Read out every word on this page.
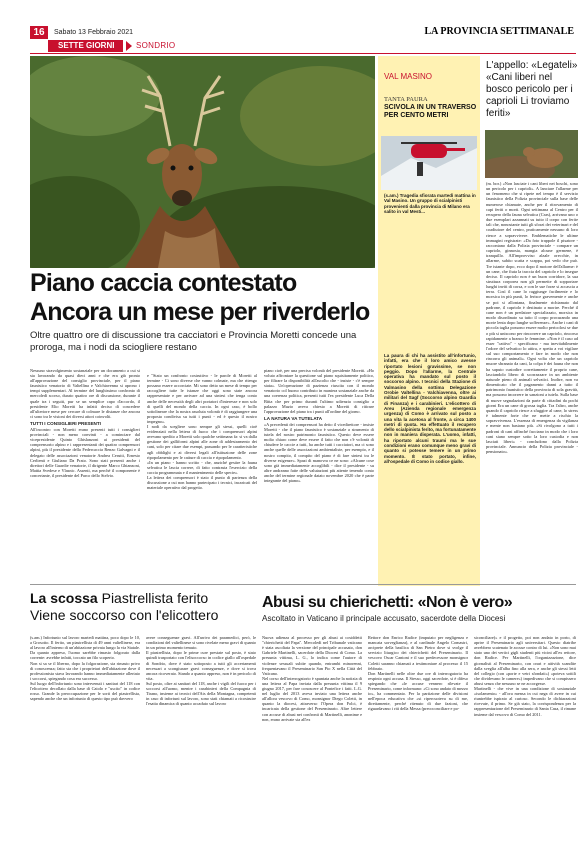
16	Sabato 13 Febbraio 2021	LA PROVINCIA SETTIMANALE
SETTE GIORNI	SONDRIO
VAL MASINO
TANTA PAURA
SCIVOLA IN UN TRAVERSO PER CENTO METRI
(s.am.) Tragedia sfiorata martedì mattina in Val Masino. Un gruppo di scialpinisti provenienti dalla provincia di Milano era salito in val Mesti...
La paura di chi ha assistito all'infortunio, infatti, era che il loro amico avesse riportato lesioni gravissime, se non peggio. Dopo l'allarme, la Centrale operativa ha mandato sul posto il soccorso alpino. I tecnici della Stazione di Valmasino della sottima Delegazione Orobie Valtellina - Valchiavenna, oltre ai militari del Sagf (Soccorso alpino Guardia di Finanza) e i carabinieri. L'elicottero di Areu (Azienda regionale emergenza urgenza) di Como è arrivato sul posto a una vita la acetosa al fronte, a circa 1400 metri di quota. Ha effettuato il recupero dello scialpinista ferito, ma fortunatamente non in maniera disperata. L'uomo, infatti, ha riportato alcuni traumi ma le sue condizioni erano comunque meno gravi di quanto si potesse temere in un primo momento. È stato portato, infine, all'ospedale di Como in codice giallo.
L'appello: «Legateli»
«Cani liberi nel bosco pericolo per i caprioli Li troviamo feriti»
(m. bor.) «Non lasciate i cani liberi nei boschi, sono un pericolo per i caprioli». A lanciare l'allarme per un fenomeno che si ripete nel tempo è il servizio faunistico della Polizia provinciale sulla base delle numerose chiamate, anche per il ritrovamento di capi feriti o morti. Ogni settimana al Centro per il recupero della fauna selvatica (Cras), arrivano uno o due esemplari azzannati su tutto il corpo con ferite tali che, nonostante tutti gli sforzi dei veterinari e del coadiutore del centro, praticamente nessuno di loro riesce a sopravvivere. Emblematiche le ultime immagini registrate: «Da foto trappole il pisatore - raccontano dalla Polizia provinciale - compare un capriolo, ginnosia, mangia alcune germene, è tranquillo. All'improvviso alzale orecchie, in allarme, subito scatta e scappa, poi vedo che può. Tre istante dopo, ecco dopo il motore dell'allarme: è un cane, che fiuta la traccia del capriolo e lo insegue deciso. Il capriolo non è un buon corridore, la sua struttura corporea non gli permette di sopportare lunghi inviti di corsa, e con le sue forze si accascia a terra. Così il cane lo raggiunge facilmente e lo morsica in più punti, lo ferisce gravemente e anche se poi si allontana, finalmente richiamato dal padrone, il capriolo è destinato a morire. Perché il cane non è un predatore specializzato, morsica in modo disordinato su tutto il corpo procurando una morte lenta dopo lunghe sofferenze». Anche i cani di piccola taglia possono essere molto pericolosi se due o più si uniscono per rincorrere un capriolo, rincorso rapidamente a branco le femmine. «Non è il caso ad esser "cattivo" - specificano - ma inevitabilmente l'odore del selvatico lo attira, e spetta a voi vigilare sul suo comportamento e fare in modo che non rincorra gli animali». Ogni volta che un capriolo muore sbranato da cani, la colpa è dei fauna che non ha saputo custodire correttamente il proprio cane, lasciandolo libero di scorrazzare in un ambiente naturale pieno di animali selvatici. Inoltre, non va dimenticato che il pagamento danni a tutto il patrimonio faunistico della provincia di sola gravità, ma possono incorrere in sanzioni a tutela. Sulla base di nuove segnalazioni da parte di cittadini da pochi giorni Era un cane di grossa taglia. Tra l'altro, anche quando il capriolo riesce a sfuggire al cane, lo stress è talmente forte che ne mette a rischio la sopravvivenza. L'essenza di emergenza da vigilanza e mente non bastano più. «Si rivolgono a tutti i padroni di cani affinché facciano in modo che i loro cani siano sempre sotto la loro custodia e non lasciati liberi» - concludono dalla Polizia provinciale. Annuncio della Polizia provinciale - pensionato».
Piano caccia contestato
Ancora un mese per riverderlo
Oltre quattro ore di discussione tra cacciatori e Provincia Moretti concede una proroga, ma i nodi da sciogliere restano

Nessuno stravolgimento sostanziale per un documento a cui si sta lavorando da quasi dieci anni e che era già pronto all'approvazione del consiglio provinciale, per il piano faunistico venatorio di Valtellina e Valchiavenna si aprono i tempi supplementari. Al termine del lunghissimo confronto di mercoledì scorso, durato quattro ore di discussione, durante il quale tra i seguiti, pur se un semplice capo d'accordo, il presidente Elio Moretti ha infatti deciso di concedere all'ulteriore mese per cercare di colmare le distanze che ancora ci sono tra le visioni dei diversi attori coinvolti.

TUTTI I CONSIGLIERI PRESENTI

All'incontro con Moretti erano presenti tutti i consiglieri provinciali - non meno convinti - a cominciare dal vicepresidente Quinto Ghislanzoni ai presidenti del comprensorio alpino e i rappresentanti dei quattro comprensori alpini, più il presidente della Federcaccia Renzo Galvagni e il delegato delle associazioni venatorie Andrea Cerutti, Ernesto Cerlienti e Giuliano Da Prato. Sono stati presenti anche i direttori delle Guardie venatorie, il dirigente Marco Ghianzoni, Mattia Svedese e Vlasnic. Assenti, ma perché il componente è concertante, il presidente del Parco dello Stelvio.

e "Stato un confronto costruttivo - le parole di Moretti al termine - Ci sono diverse che vanno colmate, ma che ritengo possano essere accorciate. Mi sono detto un mese di tempo per raccogliere tutte le istanze che oggi sono state ancora rappresentate e per arrivare ad una sintesi che tenga conto anche delle necessità degli altri portatori d'interesse e non solo di quelli del mondo della caccia. In ogni caso, è bollo sottolineare che la nostra assoluta volontà è di raggiungere una proposta condivisa su tutti i punti - ed è questo il nostro impegno».
I nodi da scegliere sono sempre gli stessi, quelli cioè evidenziati nella lettera di fuoco che i comprensori alpini avevano spedito a Moretti solo qualche settimana fa: si va dalla gestione dei galliformi alpini alle zone di addestramento dei cani, solo per citare due esempi, passando per le caratteristiche agli obblighi e ai diversi legali all'istituzione delle zone ripopolamento per le catture di caccia e ripopolamento.
«In un piano - hanno scritto - che, anziché gestire la fauna selvatica le lascia correre, di fatto contrasta l'esercizio della caccia programmata e il mantenimento delle specie».
La lettera dei comprensori è stato il punto di partenza della discussione a cui non hanno partecipato i tecnici, incaricati del materiale operativo dal progetto.

piano cioè, per una precisa volontà del presidente Moretti. «Ho voluto affrontare la questione sul piano squisitamente politico, per filtrare la disponibilità all'ascolto che - insiste - c'è sempre stata». Un'operazione di pazienza riuscita con il mondo venatorio col buono contributo in maniera sostanziale anche da una coerenza politica, presenti tutti l'ex presidente Luca Della Bitta che per primo duranti l'ultimo udienzia consiglio a palazzo Muzio aveva chiesto a Moretti di ritirare l'approvazione del piano tra i punti all'ordine del giorno.

LA NATURA VA TUTELATA

«A precedenti dei comprensori ha detto il vicedirettore - insiste Moretti - che il piano faunistico è sostanziale a strumento di tutela del nostro patrimonio faunistico. Questo deve essere molto chiaro come deve essere il fatto che non c'è volontà di chiudere le caccie a tutti, ha anche tutti i cacciatori, ma ci sono anche quelle delle associazioni ambientaliste, per esempio, e il nostro compito, il compito del piano è di fare sintesi tra le diverse esigenze». Spazi di manovra ce ne sono: «Alcune cose sono già immediatamente accoglibili - dice il presidente - su altre andranno fatte delle valutazioni più attente tenendo conto anche del termine regionale datato novembre 2020 che è parte integrante del piano».

La scossa Piastrellista ferito
Viene soccorso con l'elicottero

(s.am.) Infortunio sul lavoro martedì mattina, poco dopo le 10, a Grosotto. Il ferito, un piastrellista di 49 anni valtellinese, era al lavoro all'interno di un'abitazione privata lungo la via Statale. Da quanto appreso, l'uomo sarebbe rimasto folgorato dalla corrente: avrebbe infatti, toccato un filo scoperto.
Non si sa se il liberno, dopo la folgorazione, sia rimasto privo di conoscenza; fatto sta che i proprietari dell'abitazione dove il professionista stava lavorando hanno immediatamente allertato i soccorsi, spiegando cosa era successo.
Sul luogo dell'infortunio sono intervenuti i sanitari del 118 con l'elicottero decollato dalla base di Caiolo e "uscito" in codice rosso. Grande la preoccupazione per le sorti del piastrellista, sapendo anche che un infortunio di questo tipo può davvero

avere conseguenze gravi. All'arrivo dei paramedici, però, le condizioni del valtellinese si sono rivelate meno gravi di quanto in un primo momento temuto.
Il piastrellista, dopo le prime cure prestate sul posto, è stato quindi trasportato con l'elisoccorso in codice giallo all'ospedale di Sondrio, dove è stato sottoposto a tutti gli accertamenti necessari a scongiurare gravi conseguenze, e dove si trova ancora ricoverato. Stando a quanto appreso, non è in pericolo di vita.
Sul posto, oltre ai sanitari del 118, anche i vigili del fuoco per i soccorsi all'uomo, mentre i carabinieri della Compagnia di Tirano, insieme ai tecnici dell'Ats della Montagna, competenti in caso di infortuni sul lavoro, sono stati chiamati a ricostruire l'esatta dinamica di quanto accaduto sul lavoro

Abusi su chierichetti: «Non è vero»
Ascoltato in Vaticano il principale accusato, sacerdote della Diocesi

Nuova udienza al processo per gli abusi ai cosiddetti "chierichetti del Papa". Mercoledì nel Tribunale vaticano è stata ascoltata la versione del principale accusato, don Gabriele Martinelli, sacerdote della Diocesi di Como. La presunta vittima, L. G., lo indica come l'autore di violenze sessuali subite quando, entrambi minorenni, frequentavano il Preseminario San Pio X nella Città del Vaticano.
Nel corso dell'interrogatorio è spuntata anche la notizia di una lettera al Papa inviata dalla presunta vittima il 9 giugno 2017, per fare conoscere al Pontefice i fatti. L.G. nel luglio del 2013 aveva inviato una lettera anche all'allora vescovo di Como, monsignor Diego Coletti, in quanto la diocesi, attraverso l'Opera don Folci, è incaricata della gestione del Preseminario. Altre lettere con accuse di abusi nei confronti di Martinelli, anonime e non, erano arrivate sia all'ex

Rettore don Enrico Radice (imputato per negligenza e mancata sorveglianza), e al cardinale Angelo Comastri, arciprete della basilica di San Pietro dove si svolge il servizio liturgico dei chierichetti del Preseminario. Il vescovo Oscar Cantoni e il suo predecessore monsignor Coletti saranno chiamati a testimoniare al processo il 15 febbraio.
Don Martinelli nelle oltre due ore di interrogatorio ha respinto ogni accusa. Il Stesso, oggi sacerdote, si è difeso spiegando che «le accuse vennero rilevate il Preseminario, come informano: «Ci sono andato di mezzo io», ha commentato. Per la partizione delle divisioni nell'epoca educativa che «si ripercuoteva su di me, direttamente, perché ritenuto di due fazioni, che riguardavano i riti della Messa (precoconciliare e po-

stconciliare)» e il progetto, poi non andato in porto, di aprire il Preseminario agli universitari. Questo diatribe avrebbero scatenato le accuse contro di lui. «Non sono mai stato uno dei vertici gigli studenti più vicini all'ex rettore, don Radice. Per Martinelli, l'organizzazione, dice giornalisti al Preseminario, con orari e attività scandite dalla sveglia all'alba fino alla sera, e anche gli stessi letti del collegio (con «porte e vetri sfondati») «poteva sottili che dividevano le camere») impedivano che si compissero abusi senza che nessuno se ne accorgesse.
Martinelli - che vive in una condizione di sostanziale «isolamento» - all'ora mensa in cui nega di avere in cui riunirebbe ispirato al curioso. Secondo le dichiarazioni ricevute, il primo. Se già stato, la corrispondenza per la rappresentazione del Preseminario di Santa Casa, il rimane insieme dal vescovo di Como del 2011.
